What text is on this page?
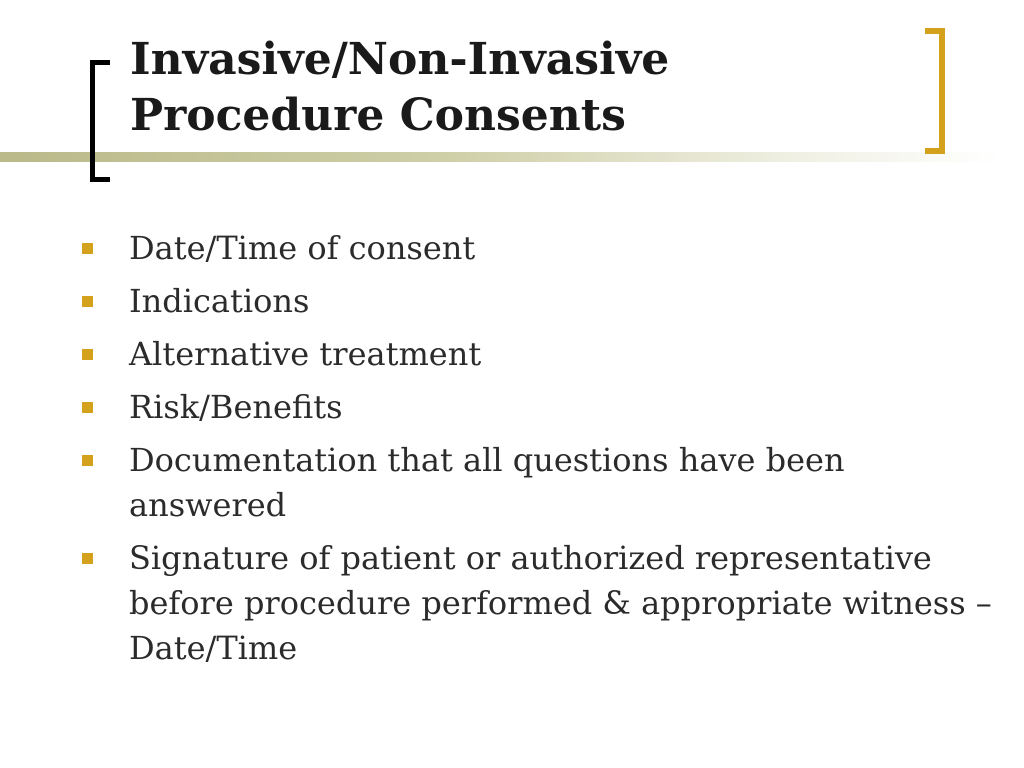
Invasive/Non-Invasive
Procedure Consents
Date/Time of consent
Indications
Alternative treatment
Risk/Benefits
Documentation that all questions have been answered
Signature of patient or authorized representative before procedure performed & appropriate witness – Date/Time
